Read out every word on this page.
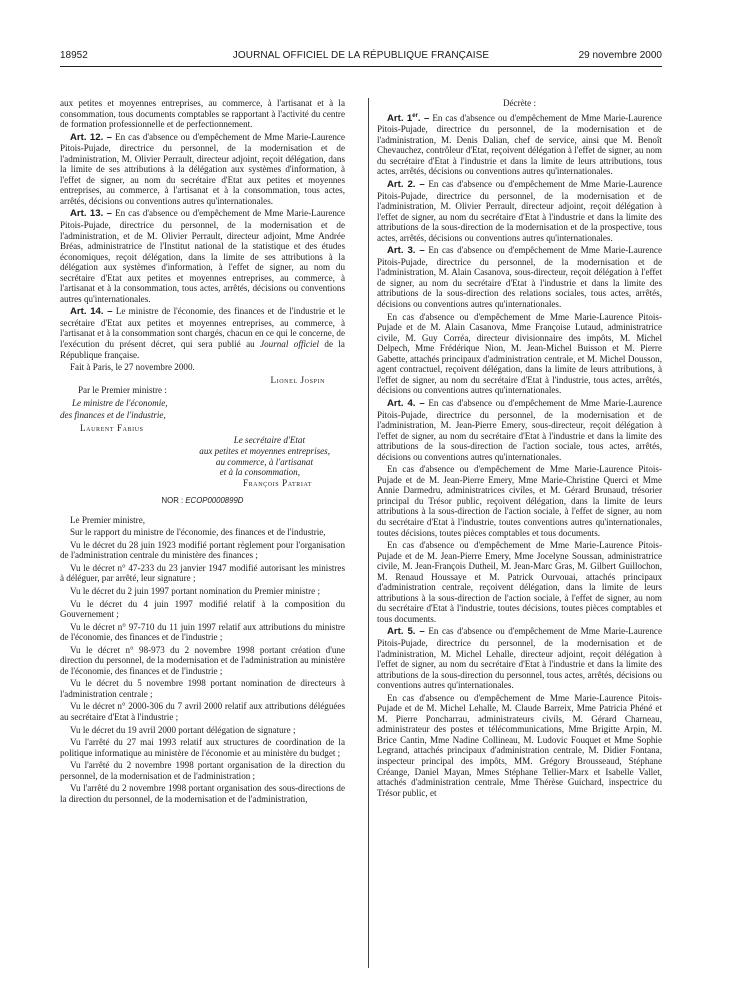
18952	JOURNAL OFFICIEL DE LA RÉPUBLIQUE FRANÇAISE	29 novembre 2000

aux petites et moyennes entreprises, au commerce, à l'artisanat et à la consommation, tous documents comptables se rapportant à l'activité du centre de formation professionnelle et de perfectionnement.

Art. 12. – En cas d'absence ou d'empêchement de Mme Marie-Laurence Pitois-Pujade, directrice du personnel, de la modernisation et de l'administration, M. Olivier Perrault, directeur adjoint, reçoit délégation, dans la limite de ses attributions à la délégation aux systèmes d'information, à l'effet de signer, au nom du secrétaire d'Etat aux petites et moyennes entreprises, au commerce, à l'artisanat et à la consommation, tous actes, arrêtés, décisions ou conventions autres qu'internationales.

Art. 13. – En cas d'absence ou d'empêchement de Mme Marie-Laurence Pitois-Pujade, directrice du personnel, de la modernisation et de l'administration, et de M. Olivier Perrault, directeur adjoint, Mme Andrée Bréas, administratrice de l'Institut national de la statistique et des études économiques, reçoit délégation, dans la limite de ses attributions à la délégation aux systèmes d'information, à l'effet de signer, au nom du secrétaire d'Etat aux petites et moyennes entreprises, au commerce, à l'artisanat et à la consommation, tous actes, arrêtés, décisions ou conventions autres qu'internationales.

Art. 14. – Le ministre de l'économie, des finances et de l'industrie et le secrétaire d'Etat aux petites et moyennes entreprises, au commerce, à l'artisanat et à la consommation sont chargés, chacun en ce qui le concerne, de l'exécution du présent décret, qui sera publié au Journal officiel de la République française.

Fait à Paris, le 27 novembre 2000.

Lionel Jospin

Par le Premier ministre :

Le ministre de l'économie,

des finances et de l'industrie,

Laurent Fabius

Le secrétaire d'Etat

aux petites et moyennes entreprises,

au commerce, à l'artisanat

et à la consommation,

François Patriat

NOR : ECOP0000899D

Le Premier ministre,

Sur le rapport du ministre de l'économie, des finances et de l'industrie,

Vu le décret du 28 juin 1923 modifié portant règlement pour l'organisation de l'administration centrale du ministère des finances ;

Vu le décret n° 47-233 du 23 janvier 1947 modifié autorisant les ministres à déléguer, par arrêté, leur signature ;

Vu le décret du 2 juin 1997 portant nomination du Premier ministre ;

Vu le décret du 4 juin 1997 modifié relatif à la composition du Gouvernement ;

Vu le décret n° 97-710 du 11 juin 1997 relatif aux attributions du ministre de l'économie, des finances et de l'industrie ;

Vu le décret n° 98-973 du 2 novembre 1998 portant création d'une direction du personnel, de la modernisation et de l'administration au ministère de l'économie, des finances et de l'industrie ;

Vu le décret du 5 novembre 1998 portant nomination de directeurs à l'administration centrale ;

Vu le décret n° 2000-306 du 7 avril 2000 relatif aux attributions déléguées au secrétaire d'Etat à l'industrie ;

Vu le décret du 19 avril 2000 portant délégation de signature ;

Vu l'arrêté du 27 mai 1993 relatif aux structures de coordination de la politique informatique au ministère de l'économie et au ministère du budget ;

Vu l'arrêté du 2 novembre 1998 portant organisation de la direction du personnel, de la modernisation et de l'administration ;

Vu l'arrêté du 2 novembre 1998 portant organisation des sous-directions de la direction du personnel, de la modernisation et de l'administration,

Décrète :

Art. 1er. – En cas d'absence ou d'empêchement de Mme Marie-Laurence Pitois-Pujade, directrice du personnel, de la modernisation et de l'administration, M. Denis Dalian, chef de service, ainsi que M. Benoît Chevauchez, contrôleur d'Etat, reçoivent délégation à l'effet de signer, au nom du secrétaire d'Etat à l'industrie et dans la limite de leurs attributions, tous actes, arrêtés, décisions ou conventions autres qu'internationales.

Art. 2. – En cas d'absence ou d'empêchement de Mme Marie-Laurence Pitois-Pujade, directrice du personnel, de la modernisation et de l'administration, M. Olivier Perrault, directeur adjoint, reçoit délégation à l'effet de signer, au nom du secrétaire d'Etat à l'industrie et dans la limite des attributions de la sous-direction de la modernisation et de la prospective, tous actes, arrêtés, décisions ou conventions autres qu'internationales.

Art. 3. – En cas d'absence ou d'empêchement de Mme Marie-Laurence Pitois-Pujade, directrice du personnel, de la modernisation et de l'administration, M. Alain Casanova, sous-directeur, reçoit délégation à l'effet de signer, au nom du secrétaire d'Etat à l'industrie et dans la limite des attributions de la sous-direction des relations sociales, tous actes, arrêtés, décisions ou conventions autres qu'internationales.

En cas d'absence ou d'empêchement de Mme Marie-Laurence Pitois-Pujade et de M. Alain Casanova, Mme Françoise Lutaud, administratrice civile, M. Guy Corréa, directeur divisionnaire des impôts, M. Michel Delpech, Mme Frédérique Nion, M. Jean-Michel Buisson et M. Pierre Gabette, attachés principaux d'administration centrale, et M. Michel Dousson, agent contractuel, reçoivent délégation, dans la limite de leurs attributions, à l'effet de signer, au nom du secrétaire d'Etat à l'industrie, tous actes, arrêtés, décisions ou conventions autres qu'internationales.

Art. 4. – En cas d'absence ou d'empêchement de Mme Marie-Laurence Pitois-Pujade, directrice du personnel, de la modernisation et de l'administration, M. Jean-Pierre Emery, sous-directeur, reçoit délégation à l'effet de signer, au nom du secrétaire d'Etat à l'industrie et dans la limite des attributions de la sous-direction de l'action sociale, tous actes, arrêtés, décisions ou conventions autres qu'internationales.

En cas d'absence ou d'empêchement de Mme Marie-Laurence Pitois-Pujade et de M. Jean-Pierre Emery, Mme Marie-Christine Querci et Mme Annie Darmedru, administratrices civiles, et M. Gérard Brunaud, trésorier principal du Trésor public, reçoivent délégation, dans la limite de leurs attributions à la sous-direction de l'action sociale, à l'effet de signer, au nom du secrétaire d'Etat à l'industrie, toutes conventions autres qu'internationales, toutes décisions, toutes pièces comptables et tous documents.

En cas d'absence ou d'empêchement de Mme Marie-Laurence Pitois-Pujade et de M. Jean-Pierre Emery, Mme Jocelyne Soussan, administratrice civile, M. Jean-François Dutheil, M. Jean-Marc Gras, M. Gilbert Guillochon, M. Renaud Houssaye et M. Patrick Ourvouai, attachés principaux d'administration centrale, reçoivent délégation, dans la limite de leurs attributions à la sous-direction de l'action sociale, à l'effet de signer, au nom du secrétaire d'Etat à l'industrie, toutes décisions, toutes pièces comptables et tous documents.

Art. 5. – En cas d'absence ou d'empêchement de Mme Marie-Laurence Pitois-Pujade, directrice du personnel, de la modernisation et de l'administration, M. Michel Lehalle, directeur adjoint, reçoit délégation à l'effet de signer, au nom du secrétaire d'Etat à l'industrie et dans la limite des attributions de la sous-direction du personnel, tous actes, arrêtés, décisions ou conventions autres qu'internationales.

En cas d'absence ou d'empêchement de Mme Marie-Laurence Pitois-Pujade et de M. Michel Lehalle, M. Claude Barreix, Mme Patricia Phéné et M. Pierre Poncharrau, administrateurs civils, M. Gérard Charneau, administrateur des postes et télécommunications, Mme Brigitte Arpin, M. Brice Cantin, Mme Nadine Collineau, M. Ludovic Fouquet et Mme Sophie Legrand, attachés principaux d'administration centrale, M. Didier Fontana, inspecteur principal des impôts, MM. Grégory Brousseaud, Stéphane Créange, Daniel Mayan, Mmes Stéphane Tellier-Marx et Isabelle Vallet, attachés d'administration centrale, Mme Thérèse Guichard, inspectrice du Trésor public, et
